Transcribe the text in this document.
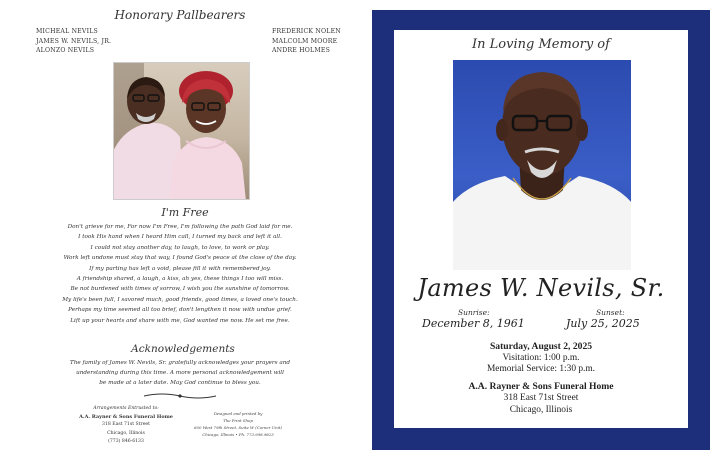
Honorary Pallbearers
MICHEAL NEVILS
JAMES W. NEVILS, JR.
ALONZO NEVILS
FREDERICK NOLEN
MALCOLM MOORE
ANDRE HOLMES
I'm Free
Don't grieve for me, For now I'm Free, I'm following the path God laid for me.
I took His hand when I heard Him call, I turned my back and left it all.
I could not stay another day, to laugh, to love, to work or play.
Work left undone must stay that way, I found God's peace at the close of the day.
If my parting has left a void, please fill it with remembered joy.
A friendship shared, a laugh, a kiss, ah yes, these things I too will miss.
Be not burdened with times of sorrow, I wish you the sunshine of tomorrow.
My life's been full, I savored much, good friends, good times, a loved one's touch.
Perhaps my time seemed all too brief, don't lengthen it now with undue grief.
Lift up your hearts and share with me, God wanted me now. He set me free.
Acknowledgements
The family of James W. Nevils, Sr. gratefully acknowledges your prayers and
understanding during this time. A more personal acknowledgement will
be made at a later date. May God continue to bless you.
Arrangements Entrusted to:
A.A. Rayner & Sons Funeral Home
318 East 71st Street
Chicago, Illinois
(773) 846-6133
Designed and printed by
The Print Shop
600 West 79th Street, Suite W (Corner Unit)
Chicago, Illinois • Ph. 773.998.9823
In Loving Memory of
James W. Nevils, Sr.
Sunrise:
December 8, 1961
Sunset:
July 25, 2025
Saturday, August 2, 2025
Visitation: 1:00 p.m.
Memorial Service: 1:30 p.m.
A.A. Rayner & Sons Funeral Home
318 East 71st Street
Chicago, Illinois
